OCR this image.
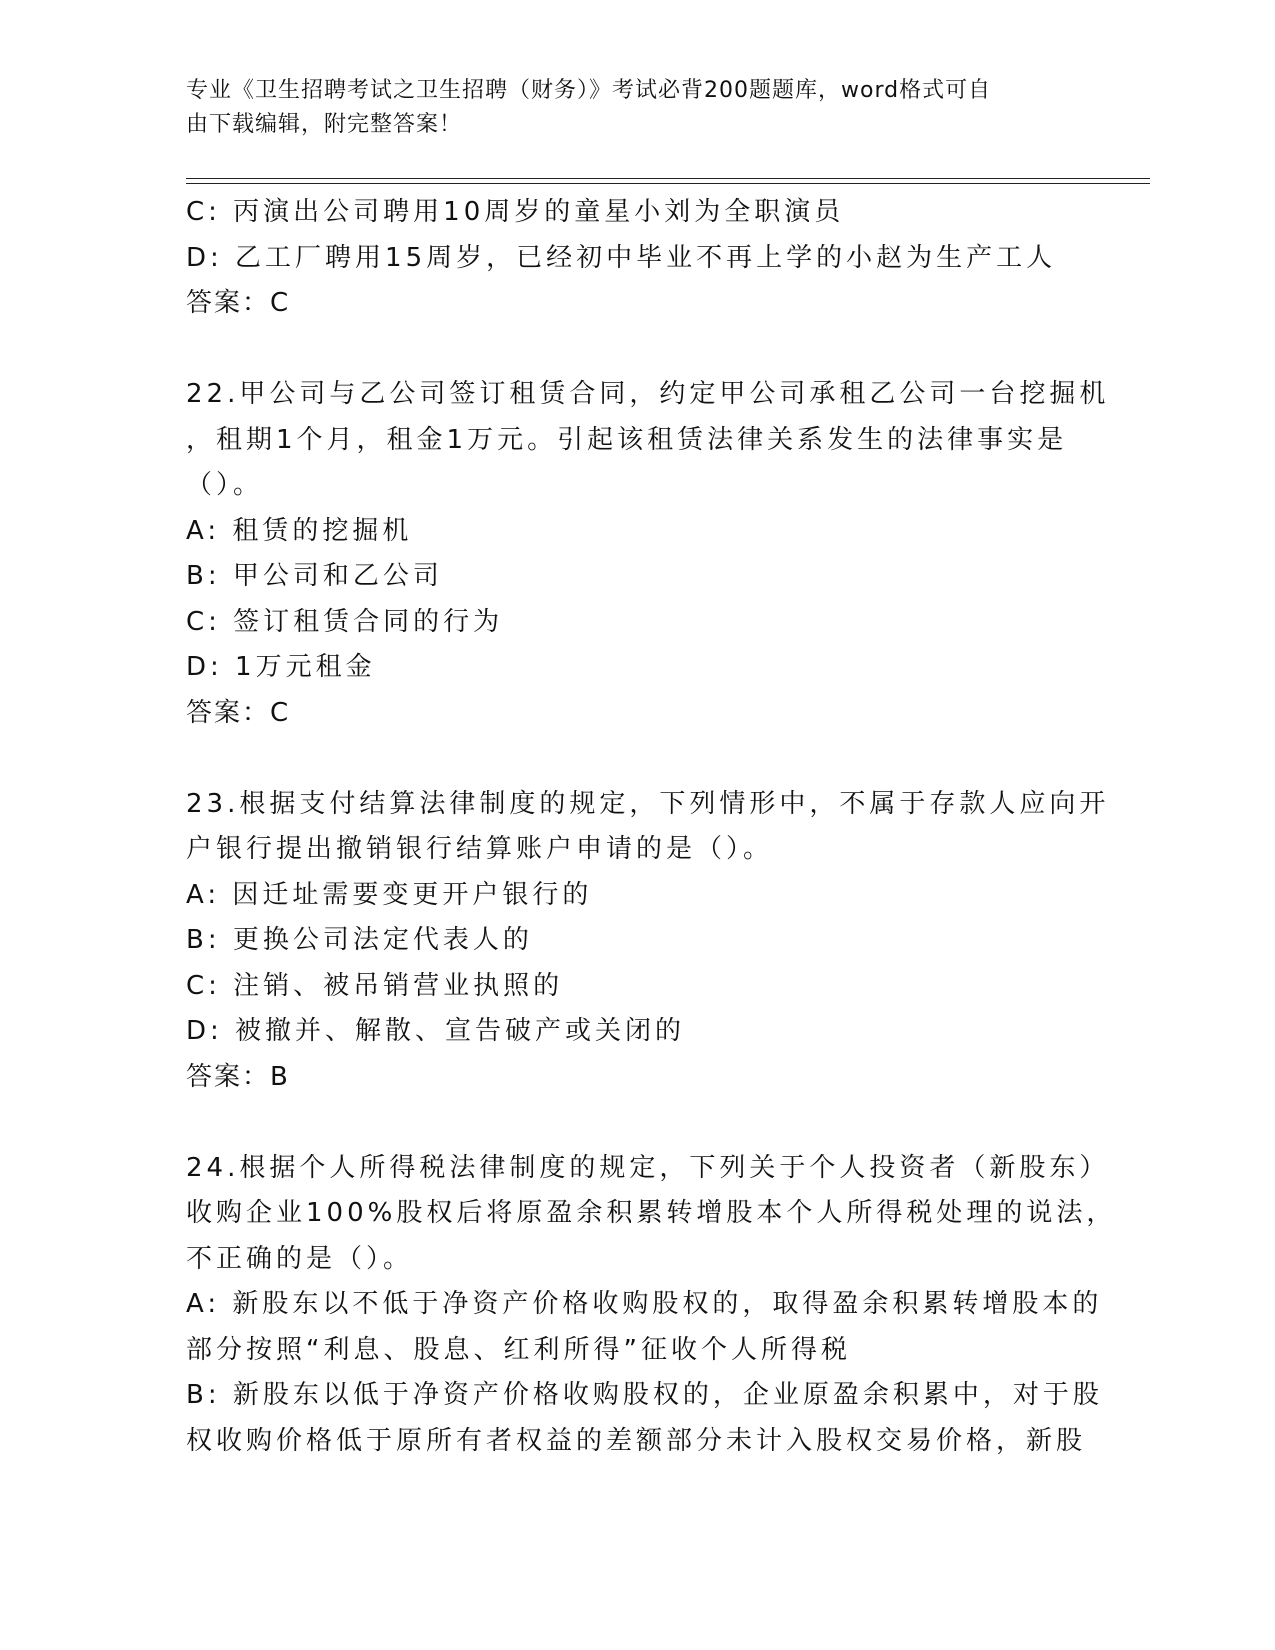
专业《卫生招聘考试之卫生招聘（财务）》考试必背200题题库，word格式可自
由下载编辑，附完整答案！
C: 丙演出公司聘用10周岁的童星小刘为全职演员
D: 乙工厂聘用15周岁，已经初中毕业不再上学的小赵为生产工人
答案：C
22.甲公司与乙公司签订租赁合同，约定甲公司承租乙公司一台挖掘机
，租期1个月，租金1万元。引起该租赁法律关系发生的法律事实是
（）。
A: 租赁的挖掘机
B: 甲公司和乙公司
C: 签订租赁合同的行为
D: 1万元租金
答案：C
23.根据支付结算法律制度的规定，下列情形中，不属于存款人应向开
户银行提出撤销银行结算账户申请的是（）。
A: 因迁址需要变更开户银行的
B: 更换公司法定代表人的
C: 注销、被吊销营业执照的
D: 被撤并、解散、宣告破产或关闭的
答案：B
24.根据个人所得税法律制度的规定，下列关于个人投资者（新股东）
收购企业100%股权后将原盈余积累转增股本个人所得税处理的说法，
不正确的是（）。
A: 新股东以不低于净资产价格收购股权的，取得盈余积累转增股本的
部分按照“利息、股息、红利所得”征收个人所得税
B: 新股东以低于净资产价格收购股权的，企业原盈余积累中，对于股
权收购价格低于原所有者权益的差额部分未计入股权交易价格，新股
